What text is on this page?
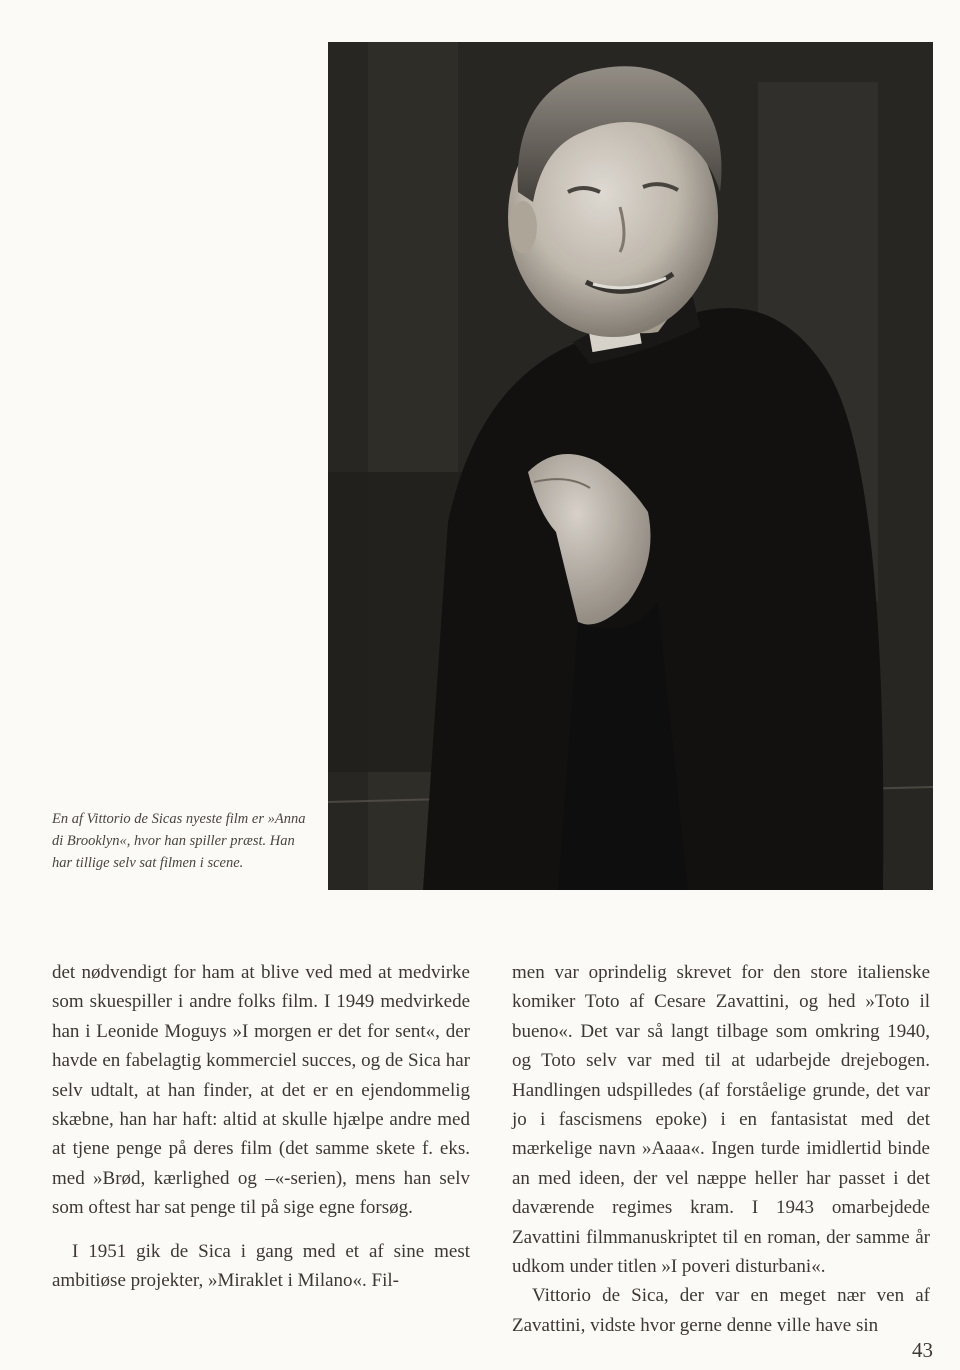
En af Vittorio de Sicas nyeste film er »Anna di Brooklyn«, hvor han spiller præst. Han har tillige selv sat filmen i scene.

det nødvendigt for ham at blive ved med at medvirke som skuespiller i andre folks film. I 1949 medvirkede han i Leonide Moguys »I morgen er det for sent«, der havde en fabelagtig kommerciel succes, og de Sica har selv udtalt, at han finder, at det er en ejendommelig skæbne, han har haft: altid at skulle hjælpe andre med at tjene penge på deres film (det samme skete f. eks. med »Brød, kærlighed og –«-serien), mens han selv som oftest har sat penge til på sige egne forsøg.

I 1951 gik de Sica i gang med et af sine mest ambitiøse projekter, »Miraklet i Milano«. Fil-

men var oprindelig skrevet for den store italienske komiker Toto af Cesare Zavattini, og hed »Toto il bueno«. Det var så langt tilbage som omkring 1940, og Toto selv var med til at udarbejde drejebogen. Handlingen udspilledes (af forståelige grunde, det var jo i fascismens epoke) i en fantasistat med det mærkelige navn »Aaaa«. Ingen turde imidlertid binde an med ideen, der vel næppe heller har passet i det daværende regimes kram. I 1943 omarbejdede Zavattini filmmanuskriptet til en roman, der samme år udkom under titlen »I poveri disturbani«.

Vittorio de Sica, der var en meget nær ven af Zavattini, vidste hvor gerne denne ville have sin

43
